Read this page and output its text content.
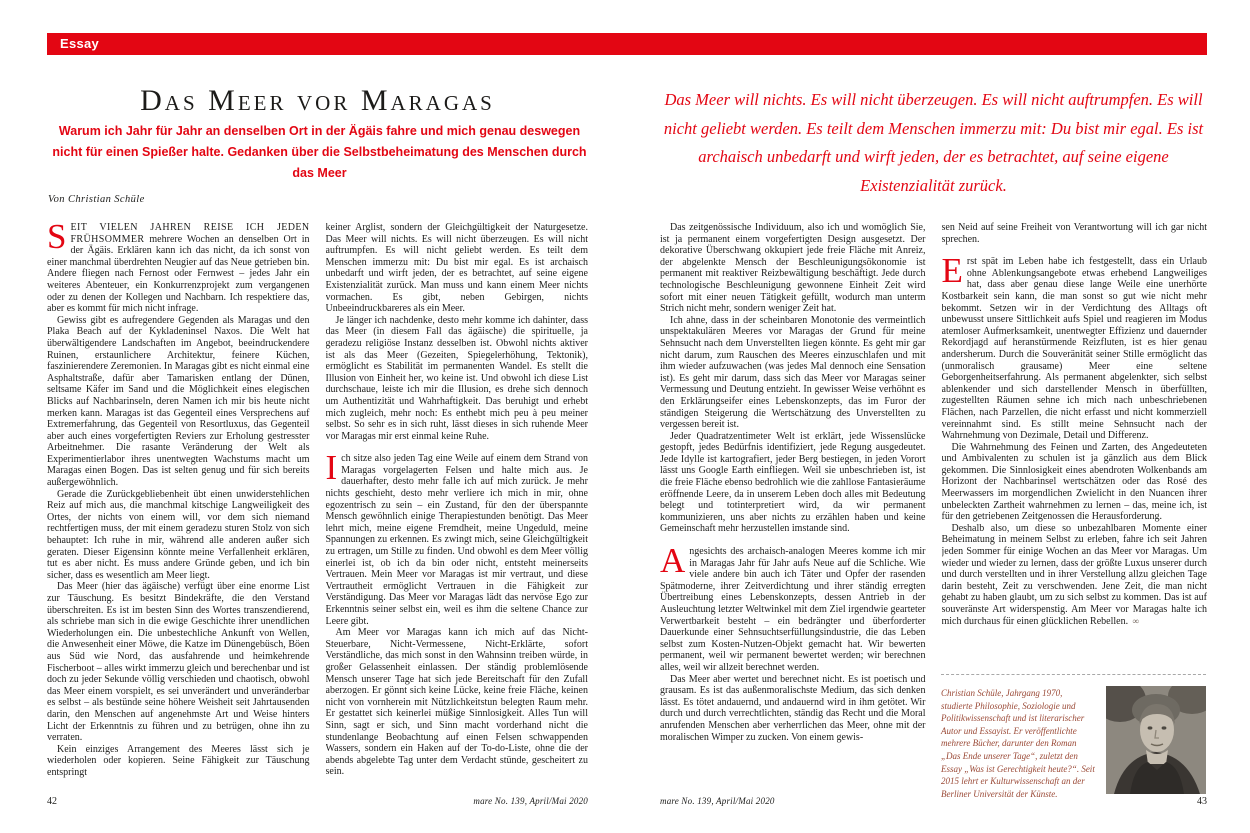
Essay
Das Meer vor Maragas

Warum ich Jahr für Jahr an denselben Ort in der Ägäis fahre und mich genau deswegen nicht für einen Spießer halte. Gedanken über die Selbstbeheimatung des Menschen durch das Meer

Von Christian Schüle

SEIT VIELEN JAHREN REISE ICH JEDEN FRÜHSOMMER mehrere Wochen an denselben Ort in der Ägäis. Erklären kann ich das nicht, da ich sonst von einer manchmal überdrehten Neugier auf das Neue getrieben bin. Andere fliegen nach Fernost oder Fernwest – jedes Jahr ein weiteres Abenteuer, ein Konkurrenzprojekt zum vergangenen oder zu denen der Kollegen und Nachbarn. Ich respektiere das, aber es kommt für mich nicht infrage.

Gewiss gibt es aufregendere Gegenden als Maragas und den Plaka Beach auf der Kykladeninsel Naxos. Die Welt hat überwältigendere Landschaften im Angebot, beeindruckendere Ruinen, erstaunlichere Architektur, feinere Küchen, faszinierendere Zeremonien. In Maragas gibt es nicht einmal eine Asphaltstraße, dafür aber Tamarisken entlang der Dünen, seltsame Käfer im Sand und die Möglichkeit eines elegischen Blicks auf Nachbarinseln, deren Namen ich mir bis heute nicht merken kann. Maragas ist das Gegenteil eines Versprechens auf Extremerfahrung, das Gegenteil von Resortluxus, das Gegenteil aber auch eines vorgefertigten Reviers zur Erholung gestresster Arbeitnehmer. Die rasante Veränderung der Welt als Experimentierlabor ihres unentwegten Wachstums macht um Maragas einen Bogen. Das ist selten genug und für sich bereits außergewöhnlich.

Gerade die Zurückgebliebenheit übt einen unwiderstehlichen Reiz auf mich aus, die manchmal kitschige Langweiligkeit des Ortes, der nichts von einem will, vor dem sich niemand rechtfertigen muss, der mit einem geradezu sturen Stolz von sich behauptet: Ich ruhe in mir, während alle anderen außer sich geraten. Dieser Eigensinn könnte meine Verfallenheit erklären, tut es aber nicht. Es muss andere Gründe geben, und ich bin sicher, dass es wesentlich am Meer liegt.

Das Meer (hier das ägäische) verfügt über eine enorme List zur Täuschung. Es besitzt Bindekräfte, die den Verstand überschreiten. Es ist im besten Sinn des Wortes transzendierend, als schriebe man sich in die ewige Geschichte ihrer unendlichen Wiederholungen ein. Die unbestechliche Ankunft von Wellen, die Anwesenheit einer Möwe, die Katze im Dünengebüsch, Böen aus Süd wie Nord, das ausfahrende und heimkehrende Fischerboot – alles wirkt immerzu gleich und berechenbar und ist doch zu jeder Sekunde völlig verschieden und chaotisch, obwohl das Meer einem vorspielt, es sei unverändert und unveränderbar es selbst – als bestünde seine höhere Weisheit seit Jahrtausenden darin, den Menschen auf angenehmste Art und Weise hinters Licht der Erkenntnis zu führen und zu betrügen, ohne ihn zu verraten.

Kein einziges Arrangement des Meeres lässt sich je wiederholen oder kopieren. Seine Fähigkeit zur Täuschung entspringt

keiner Arglist, sondern der Gleichgültigkeit der Naturgesetze. Das Meer will nichts. Es will nicht überzeugen. Es will nicht auftrumpfen. Es will nicht geliebt werden. Es teilt dem Menschen immerzu mit: Du bist mir egal. Es ist archaisch unbedarft und wirft jeden, der es betrachtet, auf seine eigene Existenzialität zurück. Man muss und kann einem Meer nichts vormachen. Es gibt, neben Gebirgen, nichts Unbeeindruckbareres als ein Meer.

Je länger ich nachdenke, desto mehr komme ich dahinter, dass das Meer (in diesem Fall das ägäische) die spirituelle, ja geradezu religiöse Instanz desselben ist. Obwohl nichts aktiver ist als das Meer (Gezeiten, Spiegelerhöhung, Tektonik), ermöglicht es Stabilität im permanenten Wandel. Es stellt die Illusion von Einheit her, wo keine ist. Und obwohl ich diese List durchschaue, leiste ich mir die Illusion, es drehe sich dennoch um Authentizität und Wahrhaftigkeit. Das beruhigt und erhebt mich zugleich, mehr noch: Es enthebt mich peu à peu meiner selbst. So sehr es in sich ruht, lässt dieses in sich ruhende Meer vor Maragas mir erst einmal keine Ruhe.

Ich sitze also jeden Tag eine Weile auf einem dem Strand von Maragas vorgelagerten Felsen und halte mich aus. Je dauerhafter, desto mehr falle ich auf mich zurück. Je mehr nichts geschieht, desto mehr verliere ich mich in mir, ohne egozentrisch zu sein – ein Zustand, für den der überspannte Mensch gewöhnlich einige Therapiestunden benötigt. Das Meer lehrt mich, meine eigene Fremdheit, meine Ungeduld, meine Spannungen zu erkennen. Es zwingt mich, seine Gleichgültigkeit zu ertragen, um Stille zu finden. Und obwohl es dem Meer völlig einerlei ist, ob ich da bin oder nicht, entsteht meinerseits Vertrauen. Mein Meer vor Maragas ist mir vertraut, und diese Vertrautheit ermöglicht Vertrauen in die Fähigkeit zur Verständigung. Das Meer vor Maragas lädt das nervöse Ego zur Erkenntnis seiner selbst ein, weil es ihm die seltene Chance zur Leere gibt.

Am Meer vor Maragas kann ich mich auf das Nicht-Steuerbare, Nicht-Vermessene, Nicht-Erklärte, sofort Verständliche, das mich sonst in den Wahnsinn treiben würde, in großer Gelassenheit einlassen. Der ständig problemlösende Mensch unserer Tage hat sich jede Bereitschaft für den Zufall aberzogen. Er gönnt sich keine Lücke, keine freie Fläche, keinen nicht von vornherein mit Nützlichkeitstun belegten Raum mehr. Er gestattet sich keinerlei müßige Sinnlosigkeit. Alles Tun will Sinn, sagt er sich, und Sinn macht vorderhand nicht die stundenlange Beobachtung auf einen Felsen schwappenden Wassers, sondern ein Haken auf der To-do-Liste, ohne die der abends abgelebte Tag unter dem Verdacht stünde, gescheitert zu sein.

42	mare No. 139, April/Mai 2020

Das Meer will nichts. Es will nicht überzeugen. Es will nicht auftrumpfen. Es will nicht geliebt werden. Es teilt dem Menschen immerzu mit: Du bist mir egal. Es ist archaisch unbedarft und wirft jeden, der es betrachtet, auf seine eigene Existenzialität zurück.

Das zeitgenössische Individuum, also ich und womöglich Sie, ist ja permanent einem vorgefertigten Design ausgesetzt. Der dekorative Überschwang okkupiert jede freie Fläche mit Anreiz, der abgelenkte Mensch der Beschleunigungsökonomie ist permanent mit reaktiver Reizbewältigung beschäftigt. Jede durch technologische Beschleunigung gewonnene Einheit Zeit wird sofort mit einer neuen Tätigkeit gefüllt, wodurch man unterm Strich nicht mehr, sondern weniger Zeit hat.

Ich ahne, dass in der scheinbaren Monotonie des vermeintlich unspektakulären Meeres vor Maragas der Grund für meine Sehnsucht nach dem Unverstellten liegen könnte. Es geht mir gar nicht darum, zum Rauschen des Meeres einzuschlafen und mit ihm wieder aufzuwachen (was jedes Mal dennoch eine Sensation ist). Es geht mir darum, dass sich das Meer vor Maragas seiner Vermessung und Deutung entzieht. In gewisser Weise verhöhnt es den Erklärungseifer eines Lebenskonzepts, das im Furor der ständigen Steigerung die Wertschätzung des Unverstellten zu vergessen bereit ist.

Jeder Quadratzentimeter Welt ist erklärt, jede Wissenslücke gestopft, jedes Bedürfnis identifiziert, jede Regung ausgedeutet. Jede Idylle ist kartografiert, jeder Berg bestiegen, in jeden Vorort lässt uns Google Earth einfliegen. Weil sie unbeschrieben ist, ist die freie Fläche ebenso bedrohlich wie die zahllose Fantasieräume eröffnende Leere, da in unserem Leben doch alles mit Bedeutung belegt und totinterpretiert wird, da wir permanent kommunizieren, uns aber nichts zu erzählen haben und keine Gemeinschaft mehr herzustellen imstande sind.

Angesichts des archaisch-analogen Meeres komme ich mir in Maragas Jahr für Jahr aufs Neue auf die Schliche. Wie viele andere bin auch ich Täter und Opfer der rasenden Spätmoderne, ihrer Zeitverdichtung und ihrer ständig erregten Übertreibung eines Lebenskonzepts, dessen Antrieb in der Ausleuchtung letzter Weltwinkel mit dem Ziel irgendwie gearteter Verwertbarkeit besteht – ein bedrängter und überforderter Dauerkunde einer Sehnsuchtserfüllungsindustrie, die das Leben selbst zum Kosten-Nutzen-Objekt gemacht hat. Wir bewerten permanent, weil wir permanent bewertet werden; wir berechnen alles, weil wir allzeit berechnet werden.

Das Meer aber wertet und berechnet nicht. Es ist poetisch und grausam. Es ist das außenmoralischste Medium, das sich denken lässt. Es tötet andauernd, und andauernd wird in ihm getötet. Wir durch und durch verrechtlichten, ständig das Recht und die Moral anrufenden Menschen aber verherrlichen das Meer, ohne mit der moralischen Wimper zu zucken. Von einem gewis-

sen Neid auf seine Freiheit von Verantwortung will ich gar nicht sprechen.

Erst spät im Leben habe ich festgestellt, dass ein Urlaub ohne Ablenkungsangebote etwas erhebend Langweiliges hat, dass aber genau diese lange Weile eine unerhörte Kostbarkeit sein kann, die man sonst so gut wie nicht mehr bekommt. Setzen wir in der Verdichtung des Alltags oft unbewusst unsere Sittlichkeit aufs Spiel und reagieren im Modus atemloser Aufmerksamkeit, unentwegter Effizienz und dauernder Rekordjagd auf heranstürmende Reizfluten, ist es hier genau andersherum. Durch die Souveränität seiner Stille ermöglicht das (unmoralisch grausame) Meer eine seltene Geborgenheitserfahrung. Als permanent abgelenkter, sich selbst ablenkender und sich darstellender Mensch in überfüllten, zugestellten Räumen sehne ich mich nach unbeschriebenen Flächen, nach Parzellen, die nicht erfasst und nicht kommerziell vereinnahmt sind. Es stillt meine Sehnsucht nach der Wahrnehmung von Dezimale, Detail und Differenz.

Die Wahrnehmung des Feinen und Zarten, des Angedeuteten und Ambivalenten zu schulen ist ja gänzlich aus dem Blick gekommen. Die Sinnlosigkeit eines abendroten Wolkenbands am Horizont der Nachbarinsel wertschätzen oder das Rosé des Meerwassers im morgendlichen Zwielicht in den Nuancen ihrer unbeleckten Zartheit wahrnehmen zu lernen – das, meine ich, ist für den getriebenen Zeitgenossen die Herausforderung.

Deshalb also, um diese so unbezahlbaren Momente einer Beheimatung in meinem Selbst zu erleben, fahre ich seit Jahren jeden Sommer für einige Wochen an das Meer vor Maragas. Um wieder und wieder zu lernen, dass der größte Luxus unserer durch und durch verstellten und in ihrer Verstellung allzu gleichen Tage darin besteht, Zeit zu verschwenden. Jene Zeit, die man nicht gehabt zu haben glaubt, um zu sich selbst zu kommen. Das ist auf souveränste Art widerspenstig. Am Meer vor Maragas halte ich mich durchaus für einen glücklichen Rebellen. ∞

Christian Schüle, Jahrgang 1970, studierte Philosophie, Soziologie und Politikwissenschaft und ist literarischer Autor und Essayist. Er veröffentlichte mehrere Bücher, darunter den Roman „Das Ende unserer Tage“, zuletzt den Essay „Was ist Gerechtigkeit heute?“. Seit 2015 lehrt er Kulturwissenschaft an der Berliner Universität der Künste.

mare No. 139, April/Mai 2020	43
